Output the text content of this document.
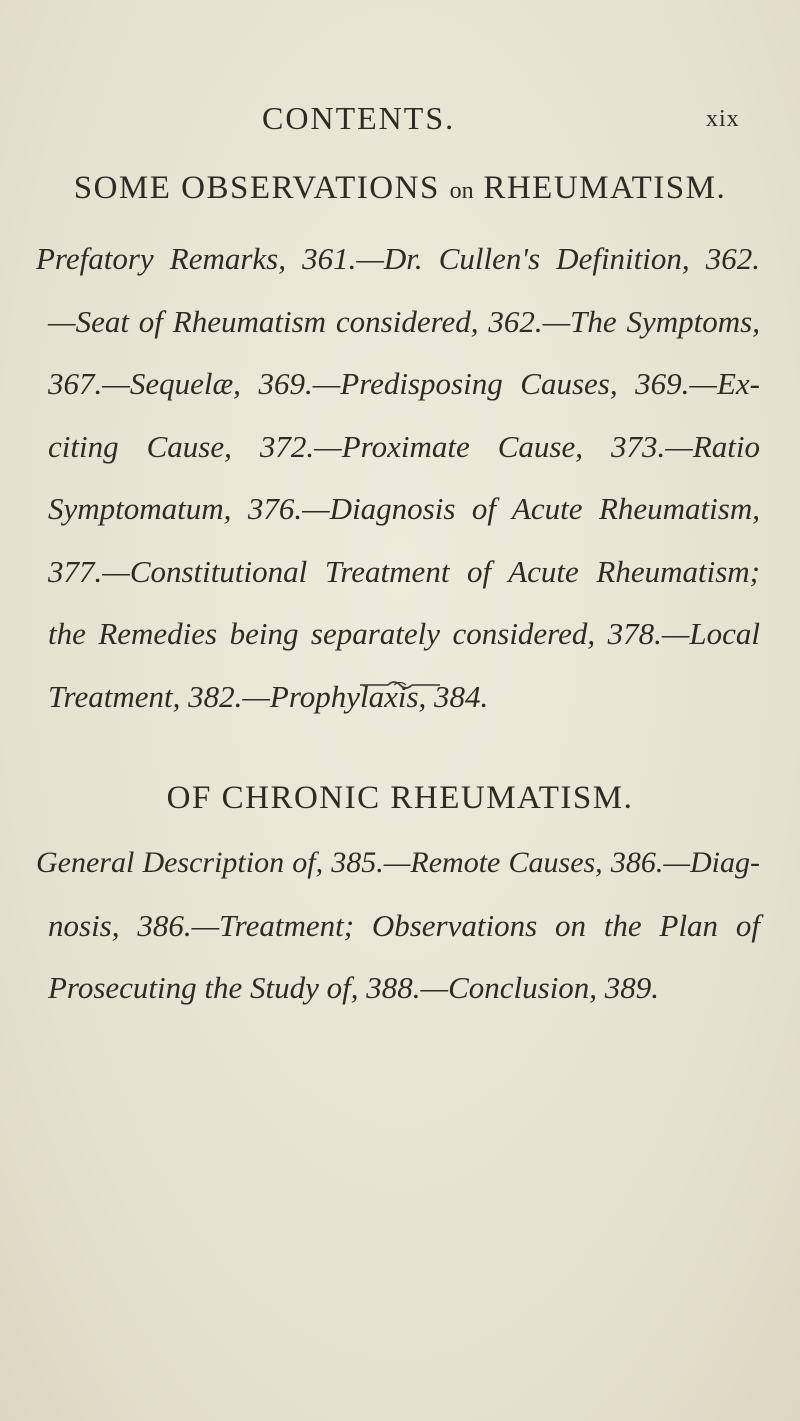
CONTENTS.	xix
SOME OBSERVATIONS on RHEUMATISM.
Prefatory Remarks, 361.—Dr. Cullen's Definition, 362.
—Seat of Rheumatism considered, 362.—The Symptoms,
367.—Sequelæ, 369.—Predisposing Causes, 369.—Ex-
citing Cause, 372.—Proximate Cause, 373.—Ratio
Symptomatum, 376.—Diagnosis of Acute Rheumatism,
377.—Constitutional Treatment of Acute Rheumatism;
the Remedies being separately considered, 378.—Local
Treatment, 382.—Prophylaxis, 384.
OF CHRONIC RHEUMATISM.
General Description of, 385.—Remote Causes, 386.—Diag-
nosis, 386.—Treatment; Observations on the Plan of
Prosecuting the Study of, 388.—Conclusion, 389.
